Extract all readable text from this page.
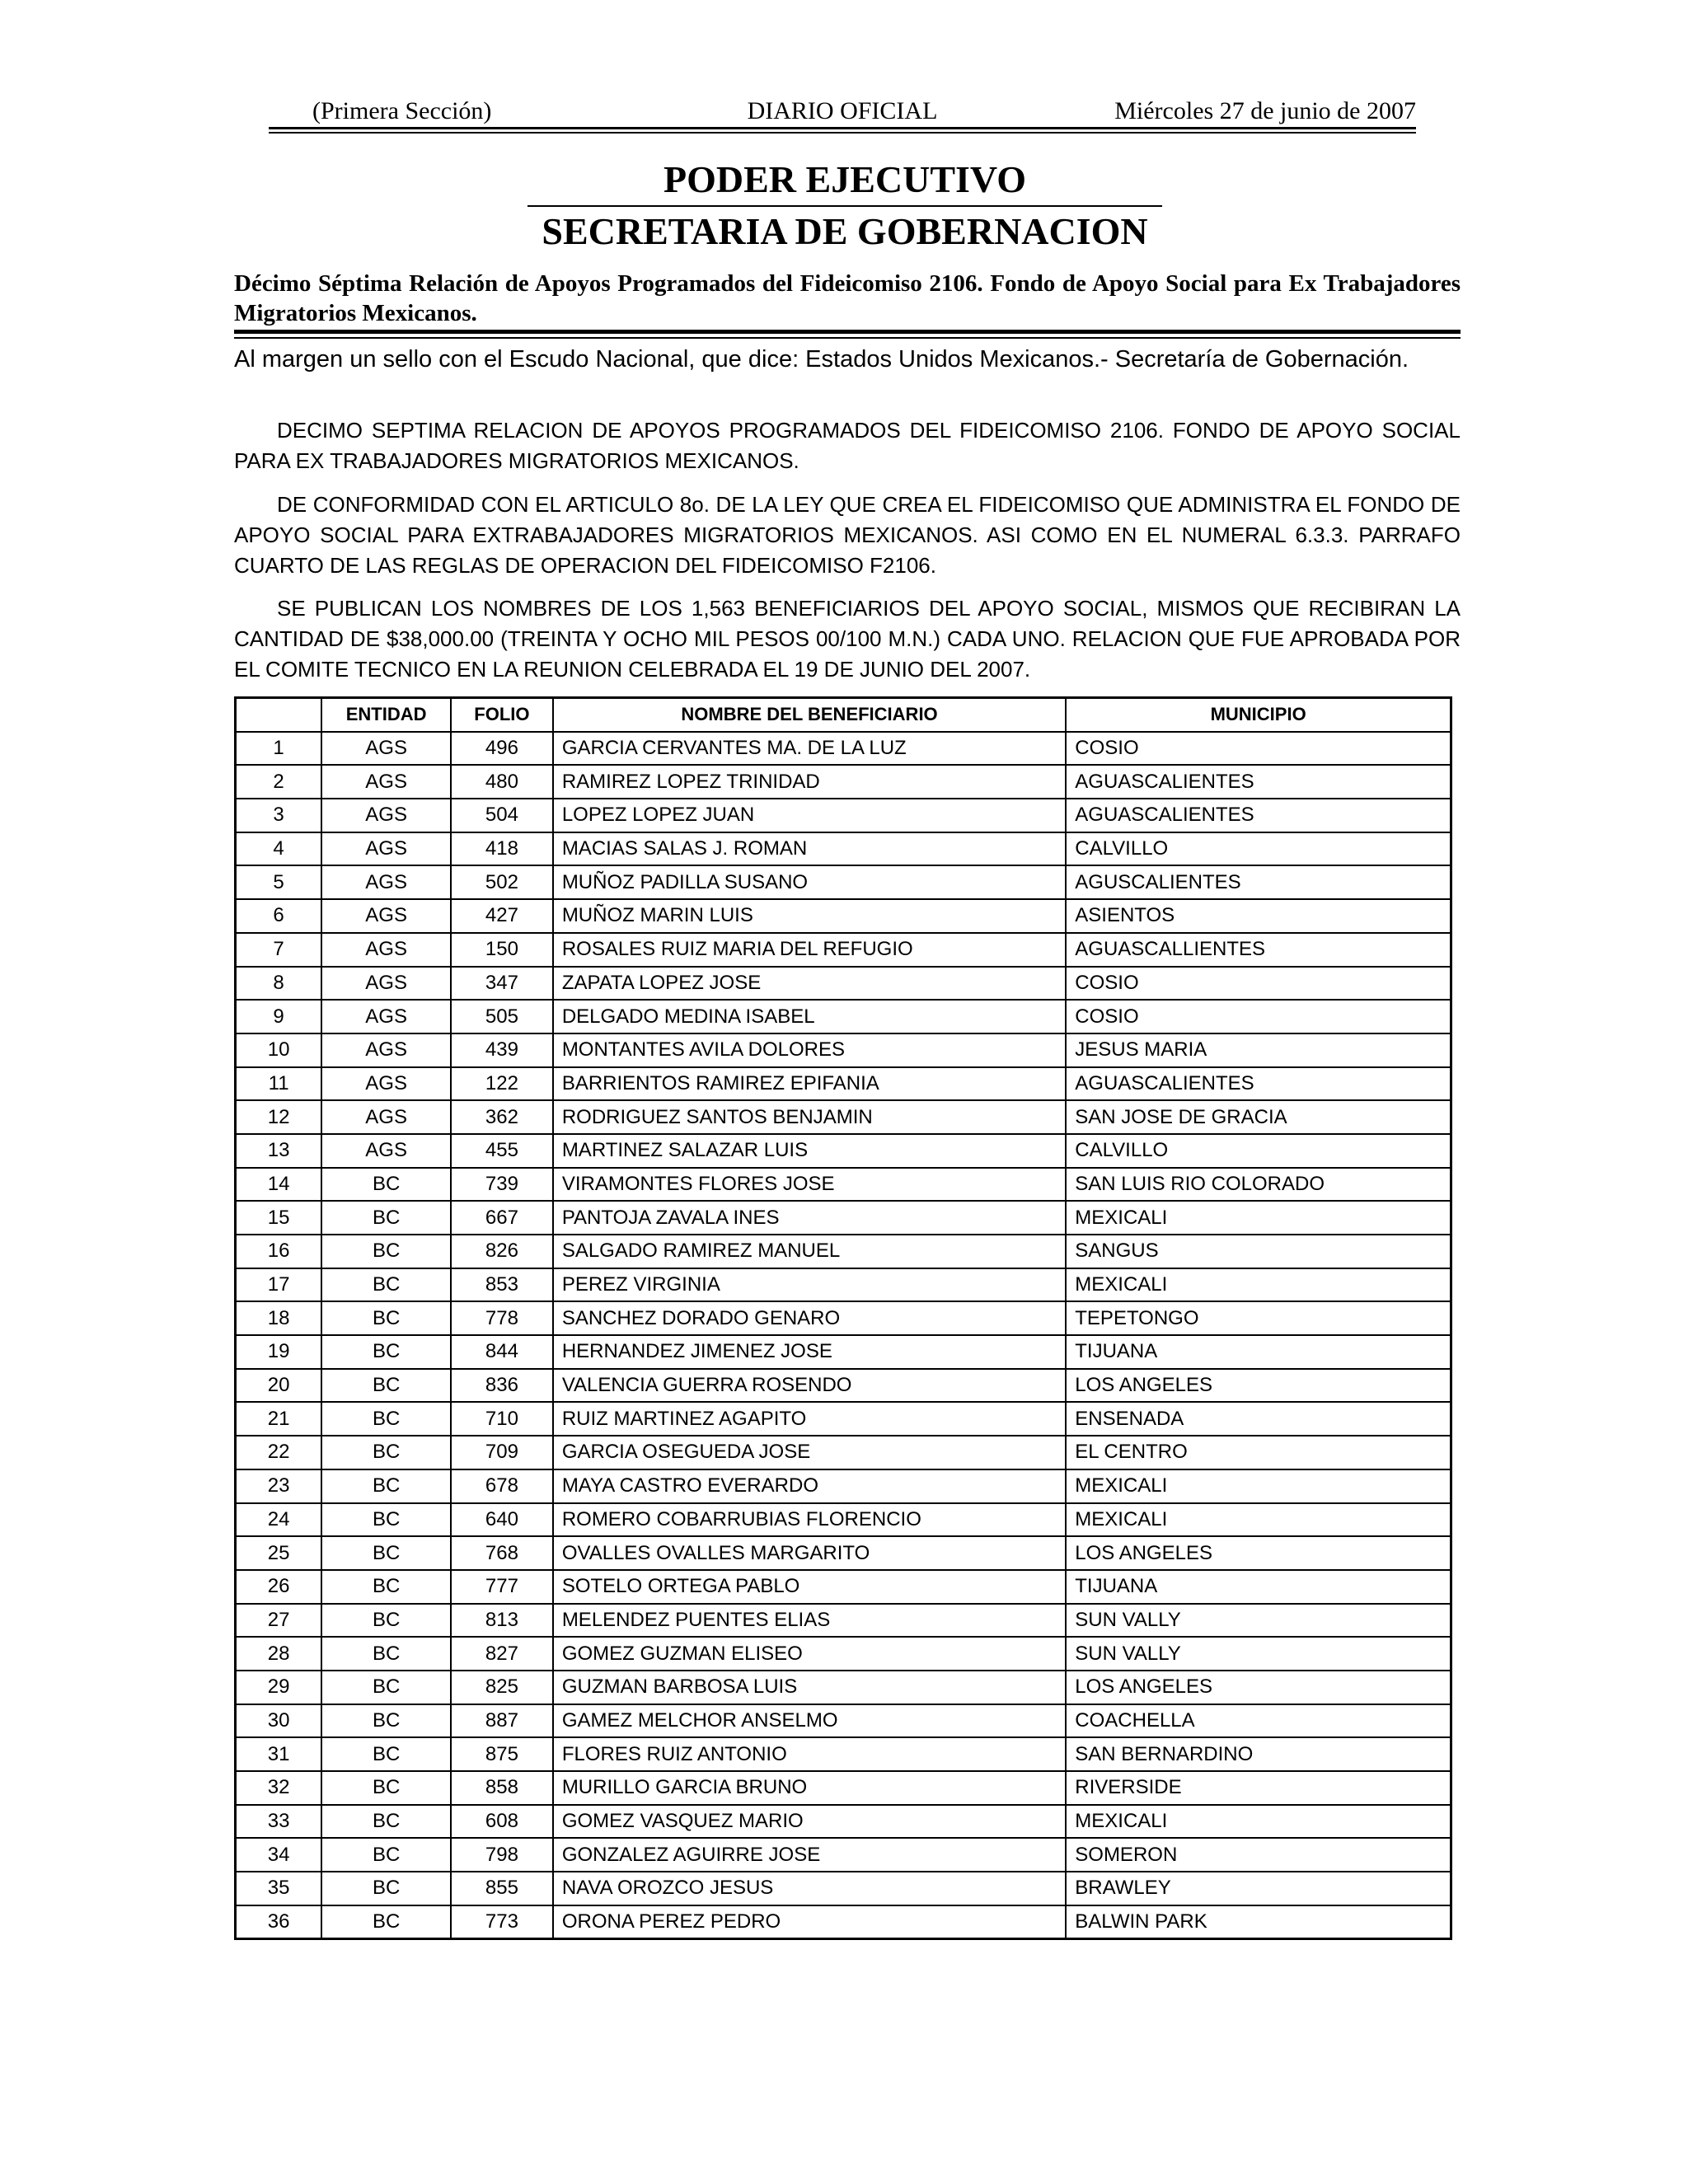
(Primera Sección)	DIARIO OFICIAL	Miércoles 27 de junio de 2007
PODER EJECUTIVO
SECRETARIA DE GOBERNACION
Décimo Séptima Relación de Apoyos Programados del Fideicomiso 2106. Fondo de Apoyo Social para Ex Trabajadores Migratorios Mexicanos.
Al margen un sello con el Escudo Nacional, que dice: Estados Unidos Mexicanos.- Secretaría de Gobernación.
DECIMO SEPTIMA RELACION DE APOYOS PROGRAMADOS DEL FIDEICOMISO 2106. FONDO DE APOYO SOCIAL PARA EX TRABAJADORES MIGRATORIOS MEXICANOS.
DE CONFORMIDAD CON EL ARTICULO 8o. DE LA LEY QUE CREA EL FIDEICOMISO QUE ADMINISTRA EL FONDO DE APOYO SOCIAL PARA EXTRABAJADORES MIGRATORIOS MEXICANOS. ASI COMO EN EL NUMERAL 6.3.3. PARRAFO CUARTO DE LAS REGLAS DE OPERACION DEL FIDEICOMISO F2106.
SE PUBLICAN LOS NOMBRES DE LOS 1,563 BENEFICIARIOS DEL APOYO SOCIAL, MISMOS QUE RECIBIRAN LA CANTIDAD DE $38,000.00 (TREINTA Y OCHO MIL PESOS 00/100 M.N.) CADA UNO. RELACION QUE FUE APROBADA POR EL COMITE TECNICO EN LA REUNION CELEBRADA EL 19 DE JUNIO DEL 2007.
	ENTIDAD	FOLIO	NOMBRE DEL BENEFICIARIO	MUNICIPIO
1	AGS	496	GARCIA CERVANTES MA. DE LA LUZ	COSIO
2	AGS	480	RAMIREZ LOPEZ TRINIDAD	AGUASCALIENTES
3	AGS	504	LOPEZ LOPEZ JUAN	AGUASCALIENTES
4	AGS	418	MACIAS SALAS J. ROMAN	CALVILLO
5	AGS	502	MUÑOZ PADILLA SUSANO	AGUSCALIENTES
6	AGS	427	MUÑOZ MARIN LUIS	ASIENTOS
7	AGS	150	ROSALES RUIZ MARIA DEL REFUGIO	AGUASCALLIENTES
8	AGS	347	ZAPATA LOPEZ JOSE	COSIO
9	AGS	505	DELGADO MEDINA ISABEL	COSIO
10	AGS	439	MONTANTES AVILA DOLORES	JESUS MARIA
11	AGS	122	BARRIENTOS RAMIREZ EPIFANIA	AGUASCALIENTES
12	AGS	362	RODRIGUEZ SANTOS BENJAMIN	SAN JOSE DE GRACIA
13	AGS	455	MARTINEZ SALAZAR LUIS	CALVILLO
14	BC	739	VIRAMONTES FLORES JOSE	SAN LUIS RIO COLORADO
15	BC	667	PANTOJA ZAVALA INES	MEXICALI
16	BC	826	SALGADO RAMIREZ MANUEL	SANGUS
17	BC	853	PEREZ VIRGINIA	MEXICALI
18	BC	778	SANCHEZ DORADO GENARO	TEPETONGO
19	BC	844	HERNANDEZ JIMENEZ JOSE	TIJUANA
20	BC	836	VALENCIA GUERRA ROSENDO	LOS ANGELES
21	BC	710	RUIZ MARTINEZ AGAPITO	ENSENADA
22	BC	709	GARCIA OSEGUEDA JOSE	EL CENTRO
23	BC	678	MAYA CASTRO EVERARDO	MEXICALI
24	BC	640	ROMERO COBARRUBIAS FLORENCIO	MEXICALI
25	BC	768	OVALLES OVALLES MARGARITO	LOS ANGELES
26	BC	777	SOTELO ORTEGA PABLO	TIJUANA
27	BC	813	MELENDEZ PUENTES ELIAS	SUN VALLY
28	BC	827	GOMEZ GUZMAN ELISEO	SUN VALLY
29	BC	825	GUZMAN BARBOSA LUIS	LOS ANGELES
30	BC	887	GAMEZ MELCHOR ANSELMO	COACHELLA
31	BC	875	FLORES RUIZ ANTONIO	SAN BERNARDINO
32	BC	858	MURILLO GARCIA BRUNO	RIVERSIDE
33	BC	608	GOMEZ VASQUEZ MARIO	MEXICALI
34	BC	798	GONZALEZ AGUIRRE JOSE	SOMERON
35	BC	855	NAVA OROZCO JESUS	BRAWLEY
36	BC	773	ORONA PEREZ PEDRO	BALWIN PARK
